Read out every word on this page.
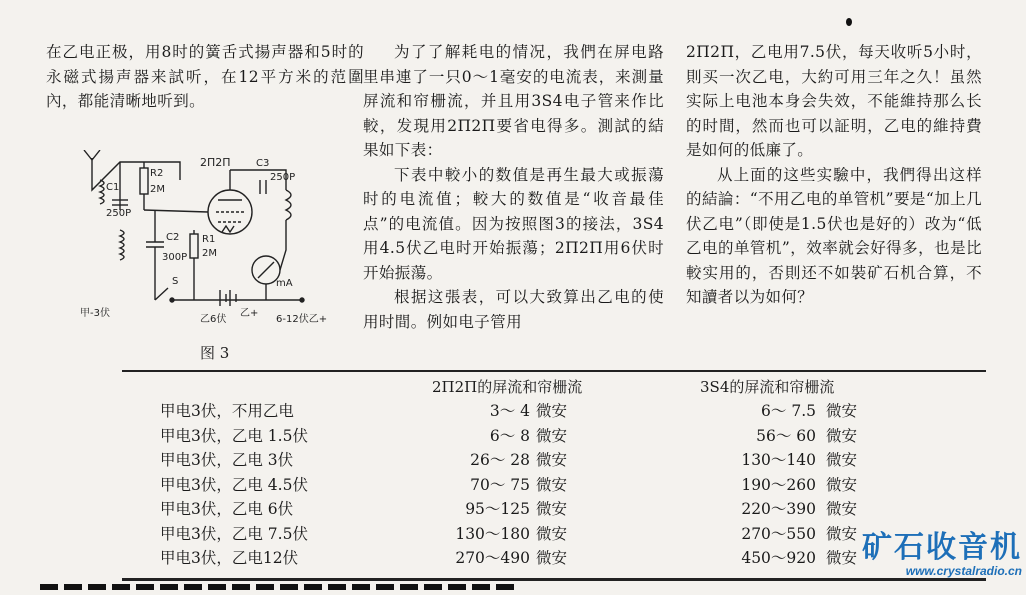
在乙电正极，用8时的簧舌式揚声器和5时的永磁式揚声器来試听，在12平方米的范圍內，都能清晰地听到。

C1
250P
R2
2M
2П2П	C3
250P
C2
300P
R1
2M
mA
S
甲-3伏
乙6伏
乙+
6-12伏乙+
图 3

为了了解耗电的情况，我們在屏电路里串連了一只0～1毫安的电流表，来測量屏流和帘栅流，并且用3S4电子管来作比較，发現用2П2П要省电得多。測試的結果如下表：

下表中較小的数值是再生最大或振蕩时的电流值；較大的数值是“收音最佳点”的电流值。因为按照图3的接法，3S4用4.5伏乙电时开始振蕩；2П2П用6伏时开始振蕩。

根据这張表，可以大致算出乙电的使用时間。例如电子管用

2П2П，乙电用7.5伏，每天收听5小时，則买一次乙电，大約可用三年之久！虽然实际上电池本身会失效，不能維持那么长的时間，然而也可以証明，乙电的維持費是如何的低廉了。

从上面的这些实驗中，我們得出这样的結論：“不用乙电的单管机”要是“加上几伏乙电”（即使是1.5伏也是好的）改为“低乙电的单管机”，效率就会好得多，也是比較实用的，否則还不如裝矿石机合算，不知讀者以为如何？

2П2П的屏流和帘栅流	3S4的屏流和帘栅流
甲电3伏，不用乙电	3～ 4	微安	6～ 7.5	微安
甲电3伏，乙电 1.5伏	6～ 8	微安	56～ 60	微安
甲电3伏，乙电 3伏	26～ 28	微安	130～140	微安
甲电3伏，乙电 4.5伏	70～ 75	微安	190～260	微安
甲电3伏，乙电 6伏	95～125	微安	220～390	微安
甲电3伏，乙电 7.5伏	130～180	微安	270～550	微安
甲电3伏，乙电12伏	270～490	微安	450～920	微安 矿石收音机
www.crystalradio.cn
